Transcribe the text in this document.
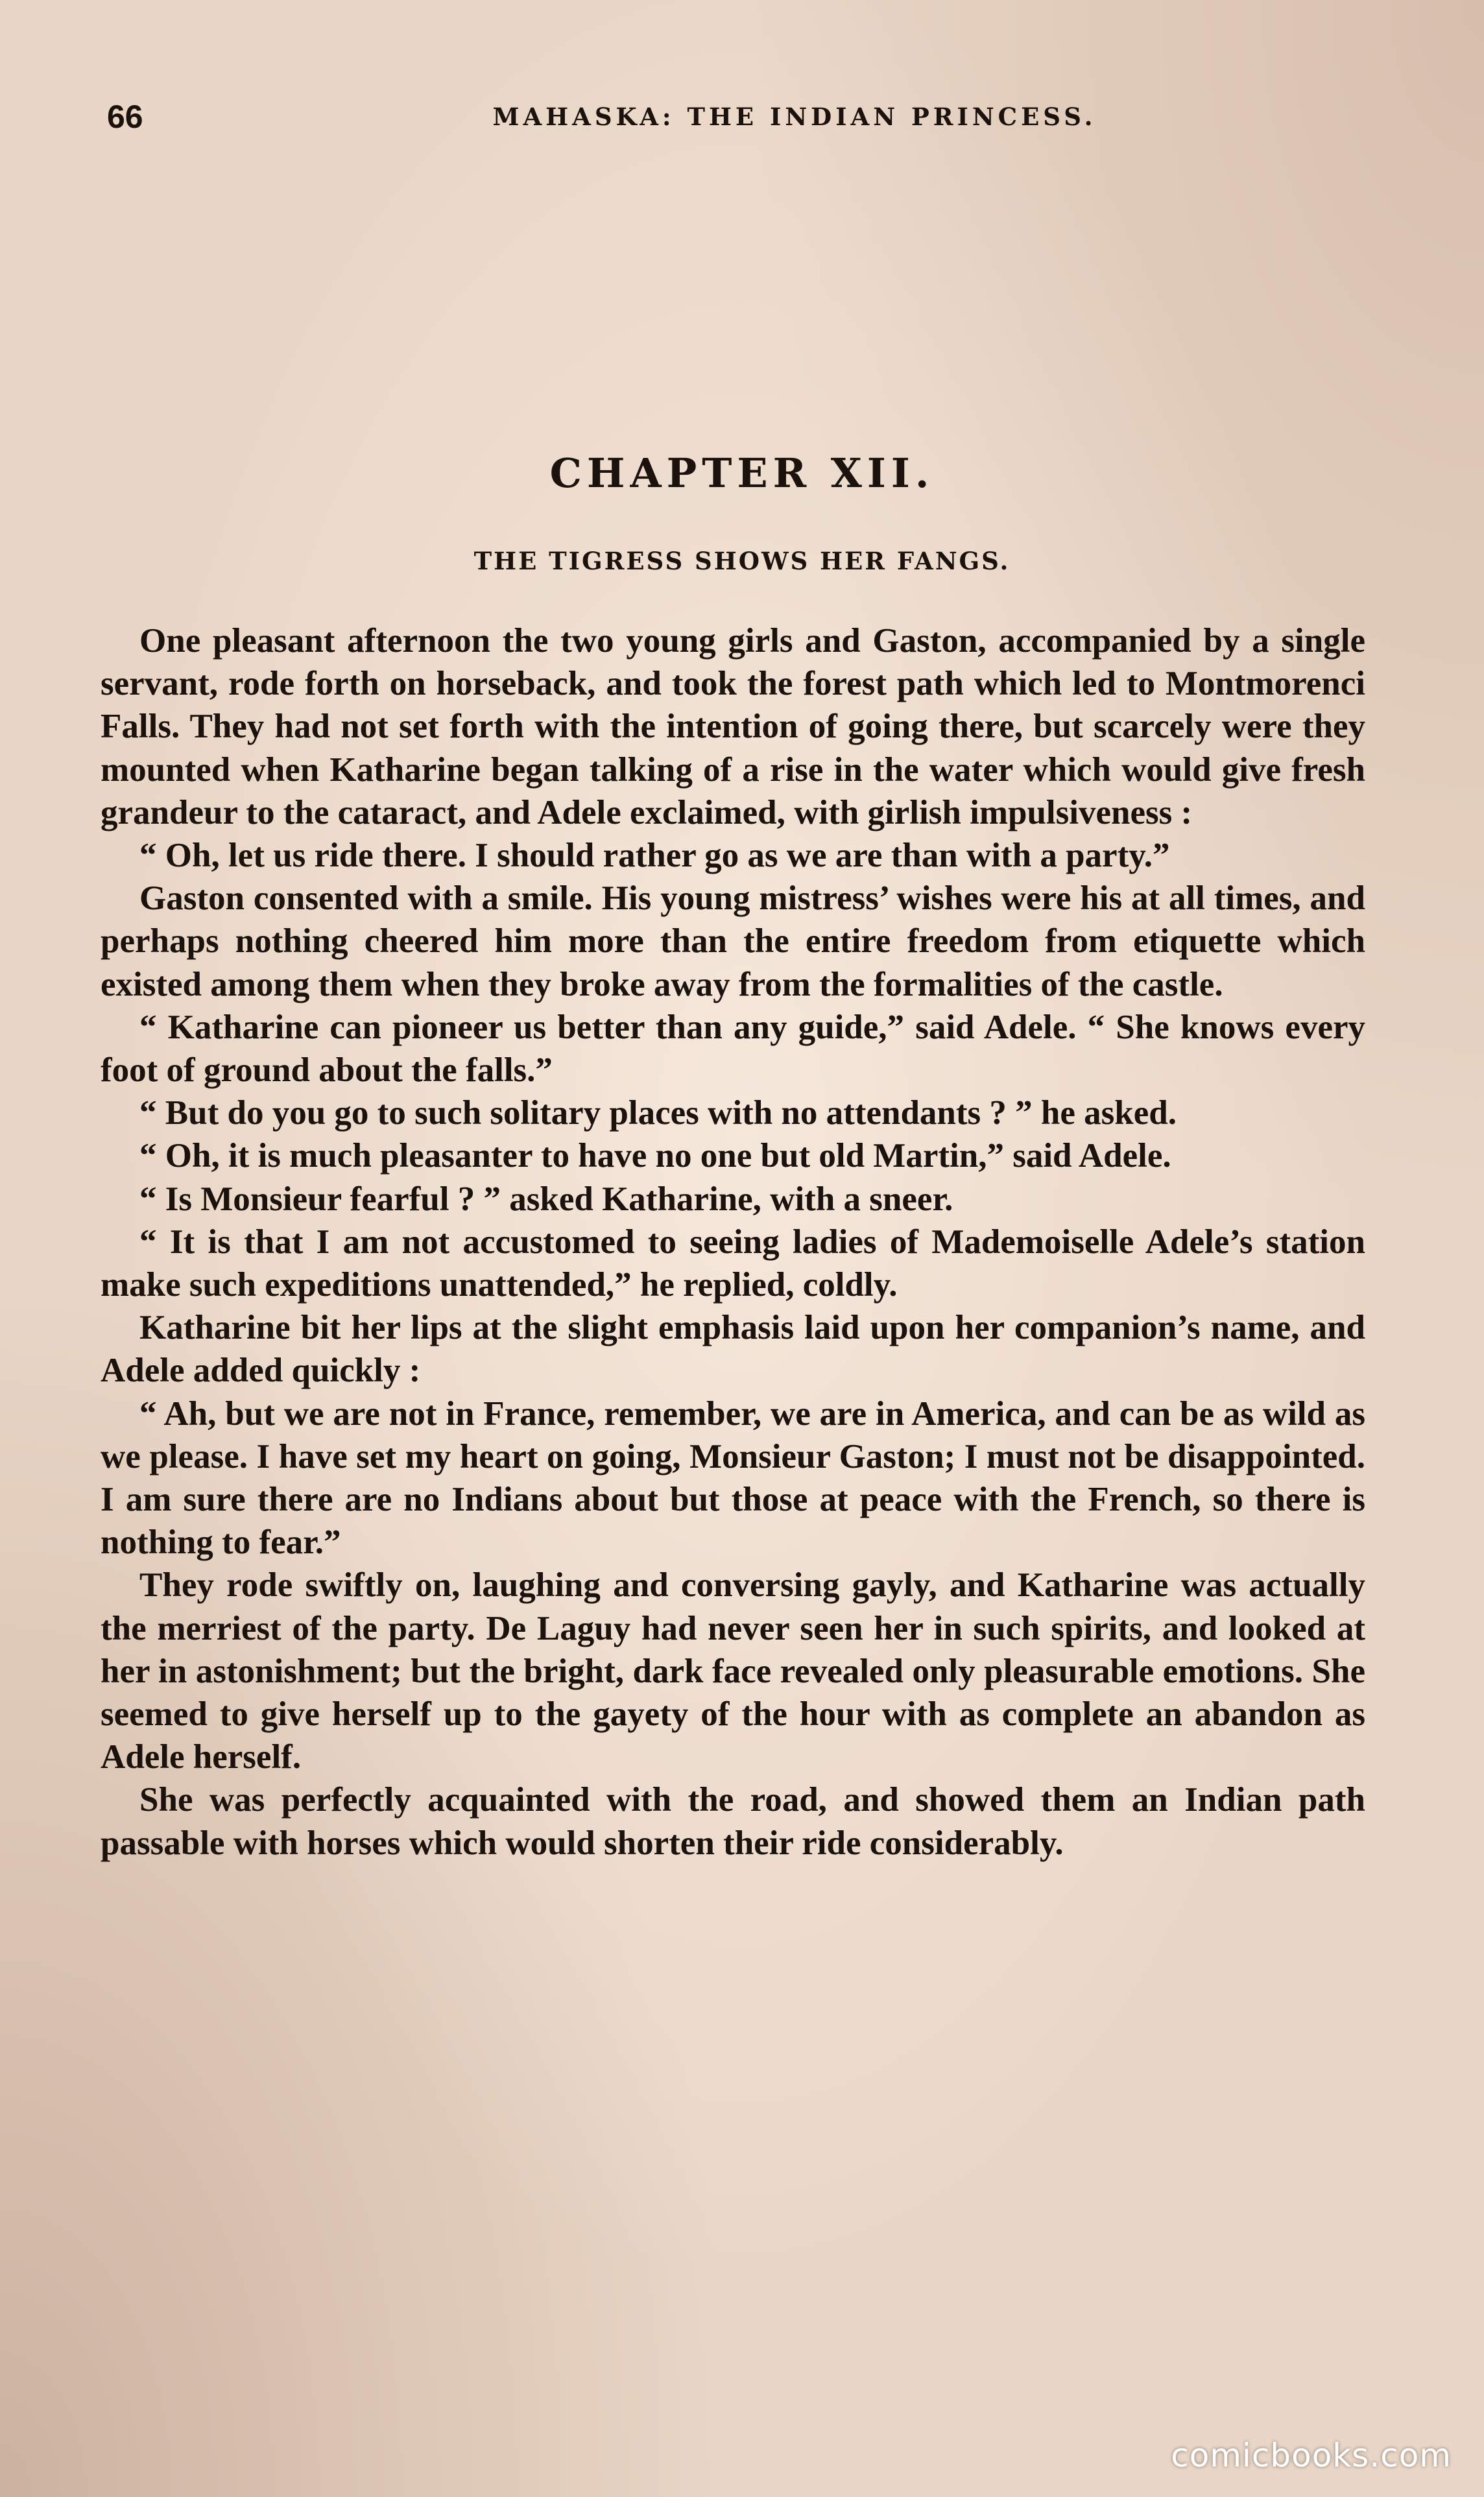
66	MAHASKA: THE INDIAN PRINCESS.
CHAPTER XII.
THE TIGRESS SHOWS HER FANGS.

One pleasant afternoon the two young girls and Gaston, accompanied by a single servant, rode forth on horseback, and took the forest path which led to Montmorenci Falls. They had not set forth with the intention of going there, but scarcely were they mounted when Katharine began talking of a rise in the water which would give fresh grandeur to the cataract, and Adele exclaimed, with girlish impulsiveness :

“ Oh, let us ride there. I should rather go as we are than with a party.”

Gaston consented with a smile. His young mistress’ wishes were his at all times, and perhaps nothing cheered him more than the entire freedom from etiquette which existed among them when they broke away from the formalities of the castle.

“ Katharine can pioneer us better than any guide,” said Adele. “ She knows every foot of ground about the falls.”

“ But do you go to such solitary places with no attendants ? ” he asked.

“ Oh, it is much pleasanter to have no one but old Martin,” said Adele.

“ Is Monsieur fearful ? ” asked Katharine, with a sneer.

“ It is that I am not accustomed to seeing ladies of Mademoiselle Adele’s station make such expeditions unattended,” he replied, coldly.

Katharine bit her lips at the slight emphasis laid upon her companion’s name, and Adele added quickly :

“ Ah, but we are not in France, remember, we are in America, and can be as wild as we please. I have set my heart on going, Monsieur Gaston; I must not be disappointed. I am sure there are no Indians about but those at peace with the French, so there is nothing to fear.”

They rode swiftly on, laughing and conversing gayly, and Katharine was actually the merriest of the party. De Laguy had never seen her in such spirits, and looked at her in astonishment; but the bright, dark face revealed only pleasurable emotions. She seemed to give herself up to the gayety of the hour with as complete an abandon as Adele herself.

She was perfectly acquainted with the road, and showed them an Indian path passable with horses which would shorten their ride considerably.

comicbooks.com
